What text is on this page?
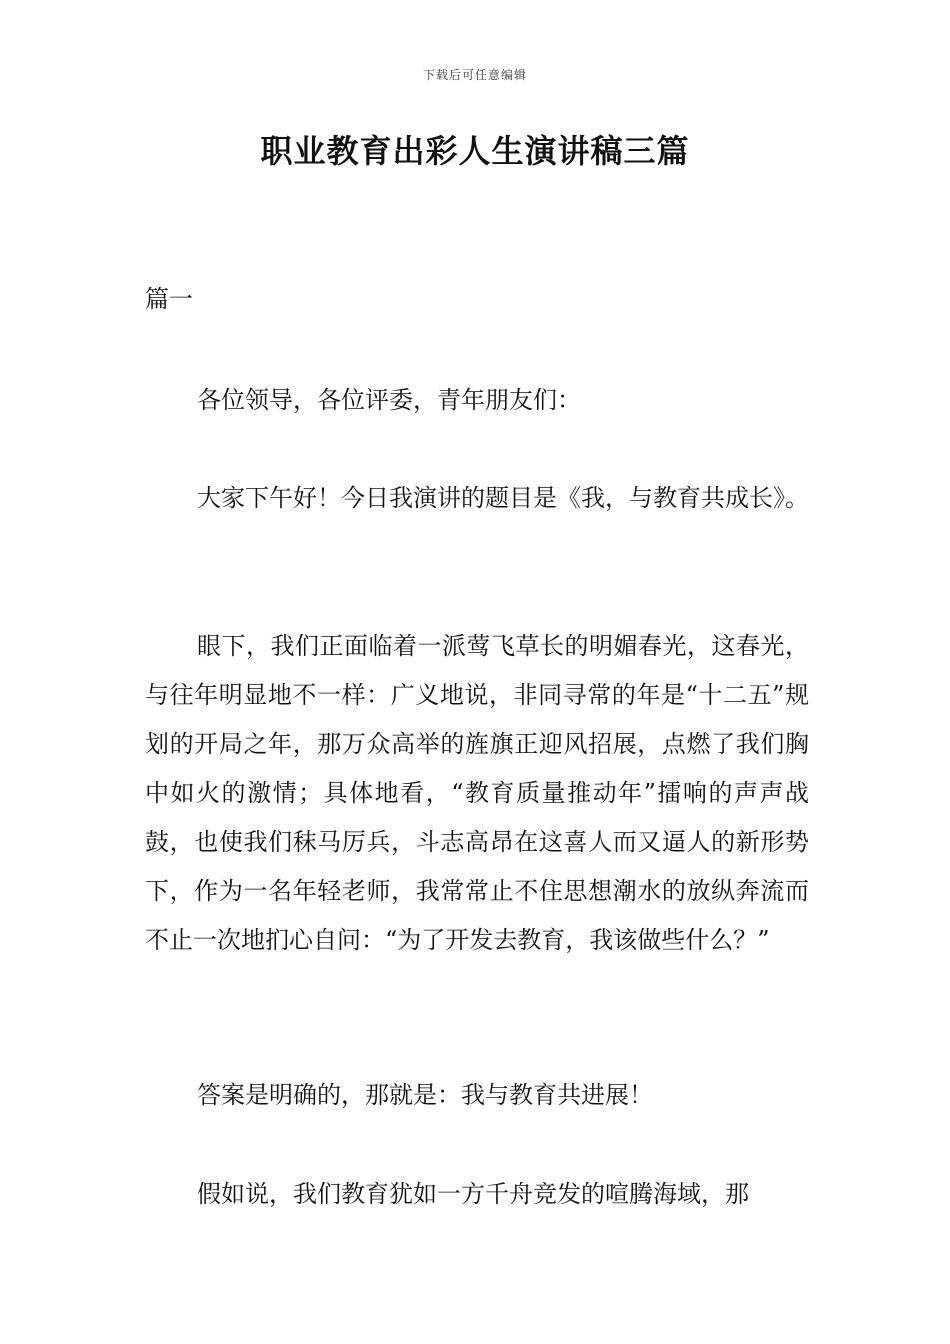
下载后可任意编辑
职业教育出彩人生演讲稿三篇

篇一

各位领导，各位评委，青年朋友们：

大家下午好！今日我演讲的题目是《我，与教育共成长》。

眼下，我们正面临着一派莺飞草长的明媚春光，这春光，与往年明显地不一样：广义地说，非同寻常的年是“十二五”规划的开局之年，那万众高举的旌旗正迎风招展，点燃了我们胸中如火的激情；具体地看，“教育质量推动年”擂响的声声战鼓，也使我们秣马厉兵，斗志高昂在这喜人而又逼人的新形势下，作为一名年轻老师，我常常止不住思想潮水的放纵奔流而不止一次地扪心自问：“为了开发去教育，我该做些什么？”

答案是明确的，那就是：我与教育共进展！

假如说，我们教育犹如一方千舟竞发的喧腾海域，那
